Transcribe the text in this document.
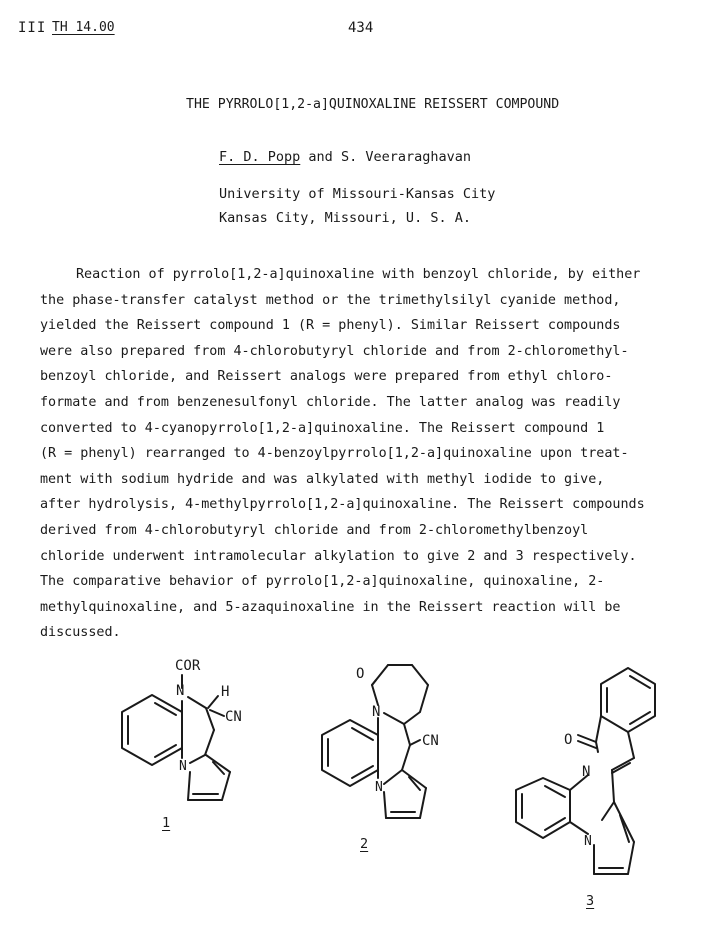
III TH 14.00	434
THE PYRROLO[1,2-a]QUINOXALINE REISSERT COMPOUND
F. D. Popp and S. Veeraraghavan
University of Missouri-Kansas City
Kansas City, Missouri, U. S. A.
Reaction of pyrrolo[1,2-a]quinoxaline with benzoyl chloride, by either
the phase-transfer catalyst method or the trimethylsilyl cyanide method,
yielded the Reissert compound 1 (R = phenyl). Similar Reissert compounds
were also prepared from 4-chlorobutyryl chloride and from 2-chloromethyl-
benzoyl chloride, and Reissert analogs were prepared from ethyl chloro-
formate and from benzenesulfonyl chloride. The latter analog was readily
converted to 4-cyanopyrrolo[1,2-a]quinoxaline. The Reissert compound 1
(R = phenyl) rearranged to 4-benzoylpyrrolo[1,2-a]quinoxaline upon treat-
ment with sodium hydride and was alkylated with methyl iodide to give,
after hydrolysis, 4-methylpyrrolo[1,2-a]quinoxaline. The Reissert compounds
derived from 4-chlorobutyryl chloride and from 2-chloromethylbenzoyl
chloride underwent intramolecular alkylation to give 2 and 3 respectively.
The comparative behavior of pyrrolo[1,2-a]quinoxaline, quinoxaline, 2-
methylquinoxaline, and 5-azaquinoxaline in the Reissert reaction will be
discussed.
COR
N	H
CN
N
O
N
CN
N
O
N
N
1
2
3
